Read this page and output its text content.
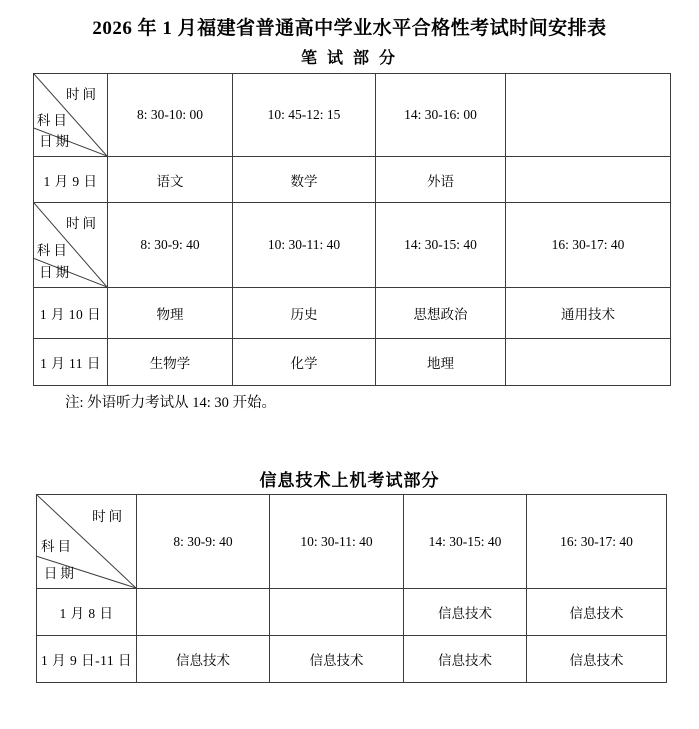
2026 年 1 月福建省普通高中学业水平合格性考试时间安排表
笔 试 部 分
时间
科目
日期	8: 30-10: 00	10: 45-12: 15	14: 30-16: 00	
1 月 9 日	语文	数学	外语	

时间
科目
日期	8: 30-9: 40	10: 30-11: 40	14: 30-15: 40	16: 30-17: 40
1 月 10 日	物理	历史	思想政治	通用技术
1 月 11 日	生物学	化学	地理	

注: 外语听力考试从 14: 30 开始。

信息技术上机考试部分
时间
科目
日期	8: 30-9: 40	10: 30-11: 40	14: 30-15: 40	16: 30-17: 40
1 月 8 日			信息技术	信息技术
1 月 9 日-11 日	信息技术	信息技术	信息技术	信息技术
